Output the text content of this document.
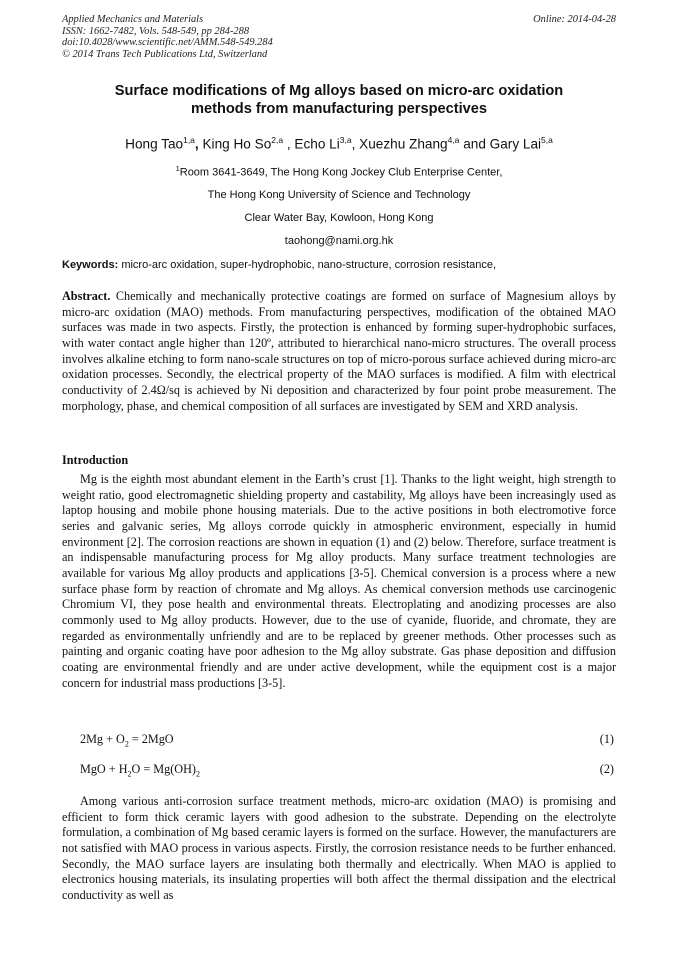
Applied Mechanics and Materials
ISSN: 1662-7482, Vols. 548-549, pp 284-288
doi:10.4028/www.scientific.net/AMM.548-549.284
© 2014 Trans Tech Publications Ltd, Switzerland
Online: 2014-04-28
Surface modifications of Mg alloys based on micro-arc oxidation
methods from manufacturing perspectives
Hong Tao$^{1,a}$, King Ho So$^{2,a}$ , Echo Li$^{3,a}$, Xuezhu Zhang$^{4,a}$ and Gary Lai$^{5,a}$
$^1$Room 3641-3649, The Hong Kong Jockey Club Enterprise Center,
The Hong Kong University of Science and Technology
Clear Water Bay, Kowloon, Hong Kong
taohong@nami.org.hk
Keywords: micro-arc oxidation, super-hydrophobic, nano-structure, corrosion resistance,
Abstract. Chemically and mechanically protective coatings are formed on surface of Magnesium alloys by micro-arc oxidation (MAO) methods. From manufacturing perspectives, modification of the obtained MAO surfaces was made in two aspects. Firstly, the protection is enhanced by forming super-hydrophobic surfaces, with water contact angle higher than 120º, attributed to hierarchical nano-micro structures. The overall process involves alkaline etching to form nano-scale structures on top of micro-porous surface achieved during micro-arc oxidation processes. Secondly, the electrical property of the MAO surfaces is modified. A film with electrical conductivity of 2.4Ω/sq is achieved by Ni deposition and characterized by four point probe measurement. The morphology, phase, and chemical composition of all surfaces are investigated by SEM and XRD analysis.
Introduction
Mg is the eighth most abundant element in the Earth’s crust [1]. Thanks to the light weight, high strength to weight ratio, good electromagnetic shielding property and castability, Mg alloys have been increasingly used as laptop housing and mobile phone housing materials. Due to the active positions in both electromotive force series and galvanic series, Mg alloys corrode quickly in atmospheric environment, especially in humid environment [2]. The corrosion reactions are shown in equation (1) and (2) below. Therefore, surface treatment is an indispensable manufacturing process for Mg alloy products. Many surface treatment technologies are available for various Mg alloy products and applications [3-5]. Chemical conversion is a process where a new surface phase form by reaction of chromate and Mg alloys. As chemical conversion methods use carcinogenic Chromium VI, they pose health and environmental threats. Electroplating and anodizing processes are also commonly used to Mg alloy products. However, due to the use of cyanide, fluoride, and chromate, they are regarded as environmentally unfriendly and are to be replaced by greener methods. Other processes such as painting and organic coating have poor adhesion to the Mg alloy substrate. Gas phase deposition and diffusion coating are environmental friendly and are under active development, while the equipment cost is a major concern for industrial mass productions [3-5].
$2Mg + O_2 = 2MgO$	(1)
MgO + $H_2O = Mg(OH)_2$	(2)
Among various anti-corrosion surface treatment methods, micro-arc oxidation (MAO) is promising and efficient to form thick ceramic layers with good adhesion to the substrate. Depending on the electrolyte formulation, a combination of Mg based ceramic layers is formed on the surface. However, the manufacturers are not satisfied with MAO process in various aspects. Firstly, the corrosion resistance needs to be further enhanced. Secondly, the MAO surface layers are insulating both thermally and electrically. When MAO is applied to electronics housing materials, its insulating properties will both affect the thermal dissipation and the electrical conductivity as well as
